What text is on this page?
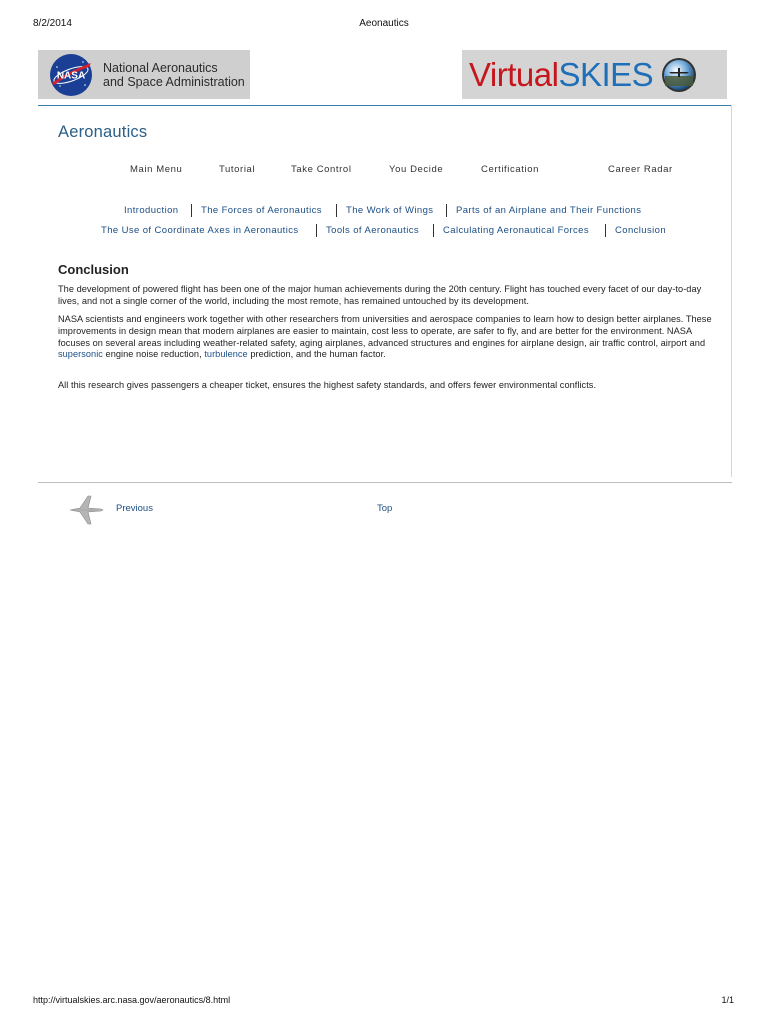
8/2/2014	Aeonautics
NASA
National Aeronautics
and Space Administration	VirtualSKIES
Aeronautics
Main Menu	Tutorial	Take Control	You Decide	Certification	Career Radar
Introduction The Forces of Aeronautics	The Work of Wings Parts of an Airplane and Their Functions
The Use of Coordinate Axes in Aeronautics	Tools of Aeronautics	Calculating Aeronautical Forces	Conclusion
Conclusion
The development of powered flight has been one of the major human achievements during the 20th century. Flight has touched every facet of our day-to-day lives, and not a single corner of the world, including the most remote, has remained untouched by its development.
NASA scientists and engineers work together with other researchers from universities and aerospace companies to learn how to design better airplanes. These improvements in design mean that modern airplanes are easier to maintain, cost less to operate, are safer to fly, and are better for the environment. NASA focuses on several areas including weather-related safety, aging airplanes, advanced structures and engines for airplane design, air traffic control, airport and supersonic engine noise reduction, turbulence prediction, and the human factor.
All this research gives passengers a cheaper ticket, ensures the highest safety standards, and offers fewer environmental conflicts.
Previous	Top
http://virtualskies.arc.nasa.gov/aeronautics/8.html	1/1
